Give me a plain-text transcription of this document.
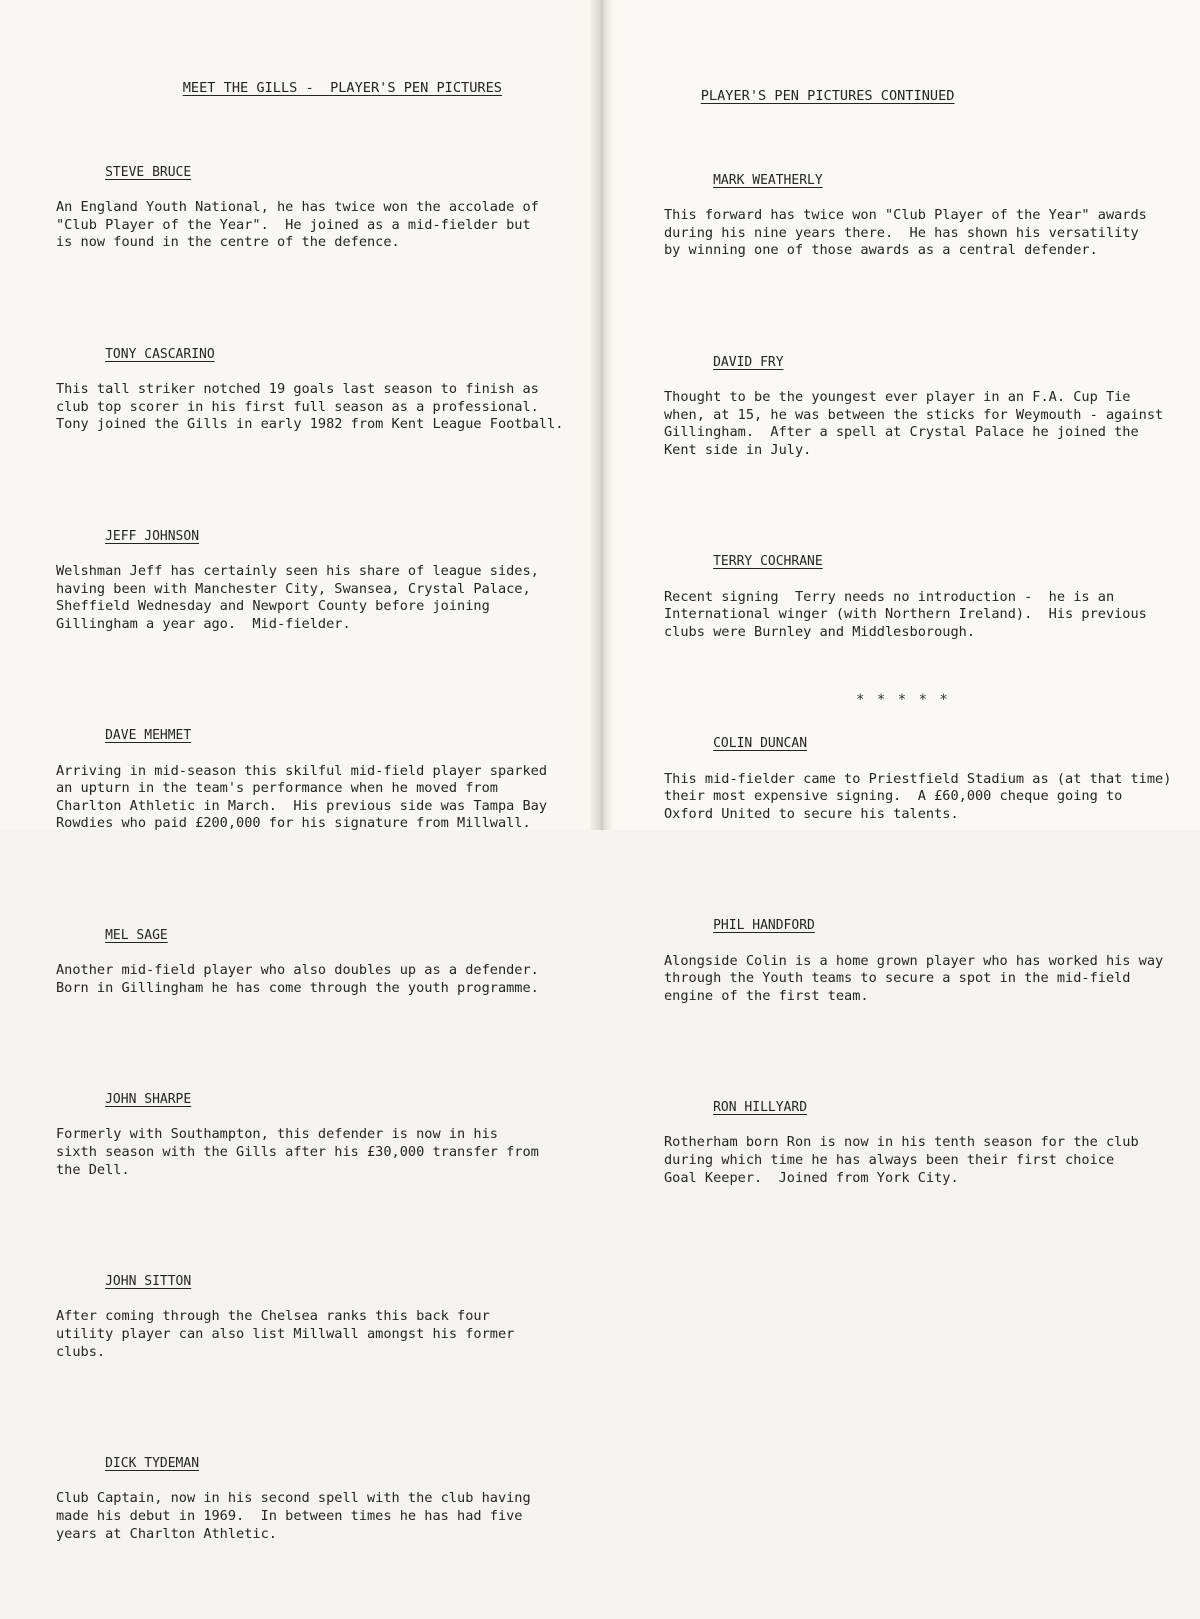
MEET THE GILLS -  PLAYER'S PEN PICTURES

STEVE BRUCE

An England Youth National, he has twice won the accolade of
"Club Player of the Year".  He joined as a mid-fielder but
is now found in the centre of the defence.

TONY CASCARINO

This tall striker notched 19 goals last season to finish as
club top scorer in his first full season as a professional.
Tony joined the Gills in early 1982 from Kent League Football.

JEFF JOHNSON

Welshman Jeff has certainly seen his share of league sides,
having been with Manchester City, Swansea, Crystal Palace,
Sheffield Wednesday and Newport County before joining
Gillingham a year ago.  Mid-fielder.

DAVE MEHMET

Arriving in mid-season this skilful mid-field player sparked
an upturn in the team's performance when he moved from
Charlton Athletic in March.  His previous side was Tampa Bay
Rowdies who paid £200,000 for his signature from Millwall.

MEL SAGE

Another mid-field player who also doubles up as a defender.
Born in Gillingham he has come through the youth programme.

JOHN SHARPE

Formerly with Southampton, this defender is now in his
sixth season with the Gills after his £30,000 transfer from
the Dell.

JOHN SITTON

After coming through the Chelsea ranks this back four
utility player can also list Millwall amongst his former
clubs.

DICK TYDEMAN

Club Captain, now in his second spell with the club having
made his debut in 1969.  In between times he has had five
years at Charlton Athletic.

PLAYER'S PEN PICTURES CONTINUED

MARK WEATHERLY

This forward has twice won "Club Player of the Year" awards
during his nine years there.  He has shown his versatility
by winning one of those awards as a central defender.

DAVID FRY

Thought to be the youngest ever player in an F.A. Cup Tie
when, at 15, he was between the sticks for Weymouth - against
Gillingham.  After a spell at Crystal Palace he joined the
Kent side in July.

TERRY COCHRANE

Recent signing  Terry needs no introduction -  he is an
International winger (with Northern Ireland).  His previous
clubs were Burnley and Middlesborough.

COLIN DUNCAN

This mid-fielder came to Priestfield Stadium as (at that time)
their most expensive signing.  A £60,000 cheque going to
Oxford United to secure his talents.

PHIL HANDFORD

Alongside Colin is a home grown player who has worked his way
through the Youth teams to secure a spot in the mid-field
engine of the first team.

RON HILLYARD

Rotherham born Ron is now in his tenth season for the club
during which time he has always been their first choice
Goal Keeper.  Joined from York City.

* * * * *
